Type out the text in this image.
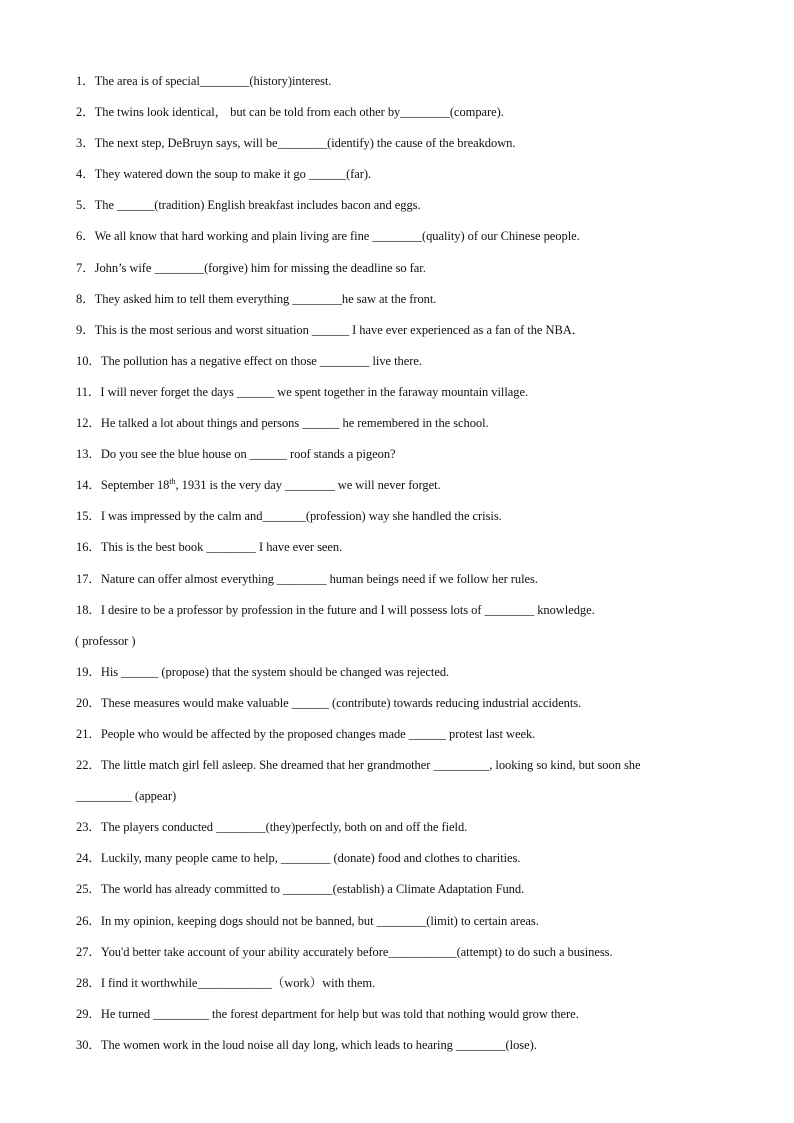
1．The area is of special________(history)interest.

2．The twins look identical， but can be told from each other by________(compare).

3．The next step, DeBruyn says, will be________(identify) the cause of the breakdown.

4．They watered down the soup to make it go ______(far).

5．The ______(tradition) English breakfast includes bacon and eggs.

6．We all know that hard working and plain living are fine ________(quality) of our Chinese people.

7．John’s wife ________(forgive) him for missing the deadline so far.

8．They asked him to tell them everything ________he saw at the front.

9．This is the most serious and worst situation ______ I have ever experienced as a fan of the NBA．

10．The pollution has a negative effect on those ________ live there.

11．I will never forget the days ______ we spent together in the faraway mountain village.

12．He talked a lot about things and persons ______ he remembered in the school.

13．Do you see the blue house on ______ roof stands a pigeon?

14．September 18th, 1931 is the very day ________ we will never forget.

15．I was impressed by the calm and_______(profession) way she handled the crisis.

16．This is the best book ________ I have ever seen.

17．Nature can offer almost everything ________ human beings need if we follow her rules.

18．I desire to be a professor by profession in the future and I will possess lots of ________ knowledge.

( professor )

19．His ______ (propose) that the system should be changed was rejected.

20．These measures would make valuable ______ (contribute) towards reducing industrial accidents.

21．People who would be affected by the proposed changes made ______ protest last week.

22．The little match girl fell asleep. She dreamed that her grandmother _________, looking so kind, but soon she

_________ (appear)

23．The players conducted ________(they)perfectly, both on and off the field.

24．Luckily, many people came to help, ________ (donate) food and clothes to charities.

25．The world has already committed to ________(establish) a Climate Adaptation Fund.

26．In my opinion, keeping dogs should not be banned, but ________(limit) to certain areas.

27．You'd better take account of your ability accurately before___________(attempt) to do such a business.

28．I find it worthwhile____________（work）with them.

29．He turned _________ the forest department for help but was told that nothing would grow there.

30．The women work in the loud noise all day long, which leads to hearing ________(lose).
